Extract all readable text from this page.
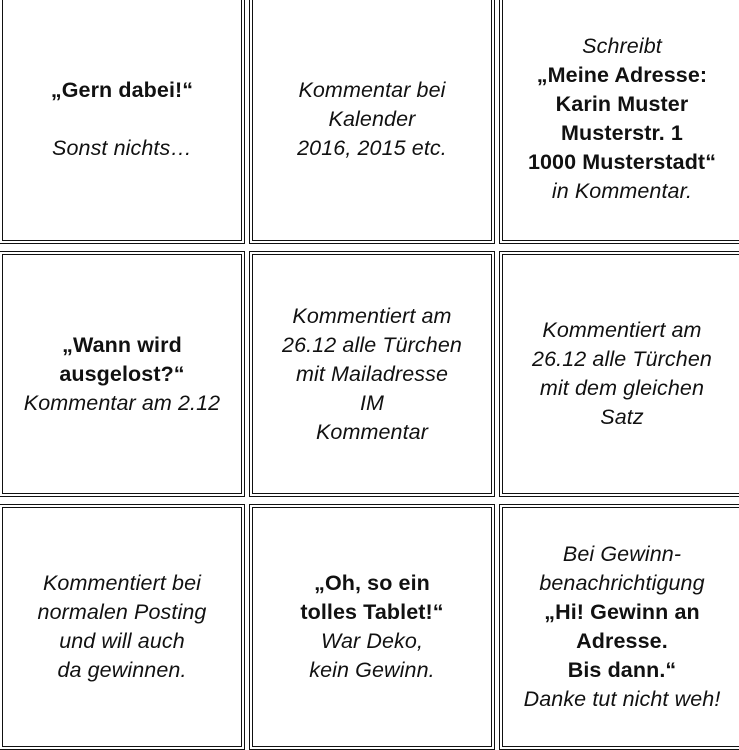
„Gern dabei!“
Sonst nichts…
Kommentar bei
Kalender
2016, 2015 etc.
Schreibt
„Meine Adresse:
Karin Muster
Musterstr. 1
1000 Musterstadt“
in Kommentar.
„Wann wird
ausgelost?“
Kommentar am 2.12
Kommentiert am
26.12 alle Türchen
mit Mailadresse
IM
Kommentar
Kommentiert am
26.12 alle Türchen
mit dem gleichen
Satz
Kommentiert bei
normalen Posting
und will auch
da gewinnen.
„Oh, so ein
tolles Tablet!“
War Deko,
kein Gewinn.
Bei Gewinn-
benachrichtigung
„Hi! Gewinn an
Adresse.
Bis dann.“
Danke tut nicht weh!
